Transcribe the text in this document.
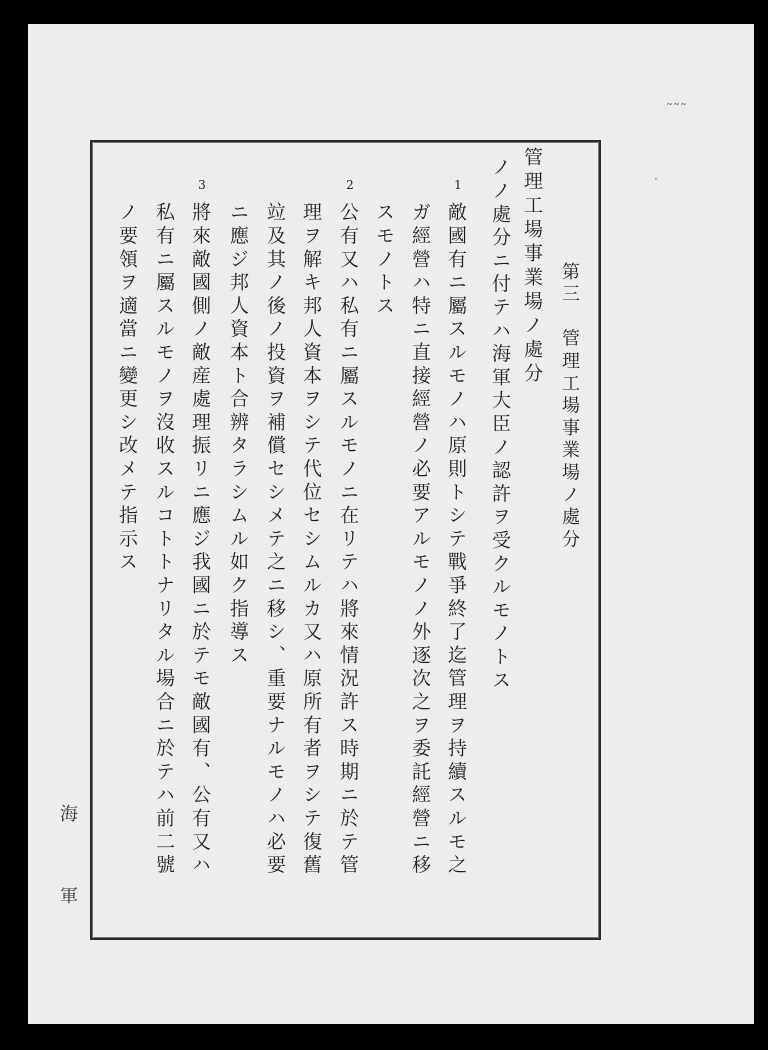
˜˜˜
·
管理工場事業場ノ處分 第三　管理工場事業場ノ處分
ノノ處分ニ付テハ海軍大臣ノ認許ヲ受クルモノトス
敵國有ニ屬スルモノハ原則トシテ戰爭終了迄管理ヲ持續スルモ之
ガ經營ハ特ニ直接經營ノ必要アルモノノ外逐次之ヲ委託經營ニ移
スモノトス
公有又ハ私有ニ屬スルモノニ在リテハ將來情況許ス時期ニ於テ管
理ヲ解キ邦人資本ヲシテ代位セシムルカ又ハ原所有者ヲシテ復舊
竝及其ノ後ノ投資ヲ補償セシメテ之ニ移シ、重要ナルモノハ必要
ニ應ジ邦人資本ト合辨タラシムル如ク指導ス
將來敵國側ノ敵産處理振リニ應ジ我國ニ於テモ敵國有、公有又ハ
私有ニ屬スルモノヲ沒收スルコトトナリタル場合ニ於テハ前二號
ノ要領ヲ適當ニ變更シ改メテ指示ス
1
2
3
海
軍
